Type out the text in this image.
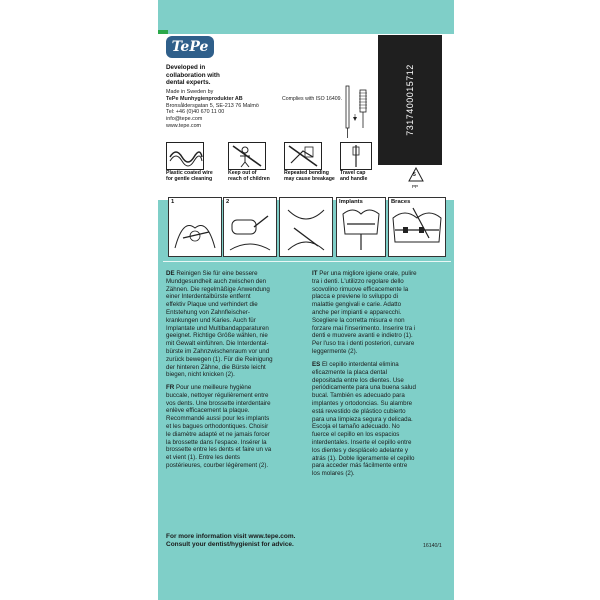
TePe
Developed in
collaboration with
dental experts.
Made in Sweden by
TePe Munhygienprodukter AB
Bronsåldersgatan 5, SE-213 76 Malmö
Tel: +46 (0)40 670 11 00
info@tepe.com
www.tepe.com
Complies with ISO 16409.	7317400015712
5
PP
Plastic coated wire
for gentle cleaning
Keep out of
reach of children
Repeated bending
may cause breakage
Travel cap
and handle
1	2	Implants	Braces
DE Reinigen Sie für eine bessere
Mundgesundheit auch zwischen den
Zähnen. Die regelmäßige Anwendung
einer Interdentalbürste entfernt
effektiv Plaque und verhindert die
Entstehung von Zahnfleischer-
krankungen und Karies. Auch für
Implantate und Multibandapparaturen
geeignet. Richtige Größe wählen, nie
mit Gewalt einführen. Die Interdental-
bürste im Zahnzwischenraum vor und
zurück bewegen (1). Für die Reinigung
der hinteren Zähne, die Bürste leicht
biegen, nicht knicken (2).
FR Pour une meilleure hygiène
buccale, nettoyer régulièrement entre
vos dents. Une brossette interdentaire
enlève efficacement la plaque.
Recommandé aussi pour les implants
et les bagues orthodontiques. Choisir
le diamètre adapté et ne jamais forcer
la brossette dans l'espace. Insérer la
brossette entre les dents et faire un va
et vient (1). Entre les dents
postérieures, courber légèrement (2).
IT Per una migliore igiene orale, pulire
tra i denti. L'utilizzo regolare dello
scovolino rimuove efficacemente la
placca e previene lo sviluppo di
malattie gengivali e carie. Adatto
anche per impianti e apparecchi.
Scegliere la corretta misura e non
forzare mai l'inserimento. Inserire tra i
denti e muovere avanti e indietro (1).
Per l'uso tra i denti posteriori, curvare
leggermente (2).
ES El cepillo interdental elimina
eficazmente la placa dental
depositada entre los dientes. Use
periódicamente para una buena salud
bucal. También es adecuado para
implantes y ortodoncias. Su alambre
está revestido de plástico cubierto
para una limpieza segura y delicada.
Escoja el tamaño adecuado. No
fuerce el cepillo en los espacios
interdentales. Inserte el cepillo entre
los dientes y desplácelo adelante y
atrás (1). Doble ligeramente el cepillo
para acceder más fácilmente entre
los molares (2).
For more information visit www.tepe.com.
Consult your dentist/hygienist for advice.	16140/1
